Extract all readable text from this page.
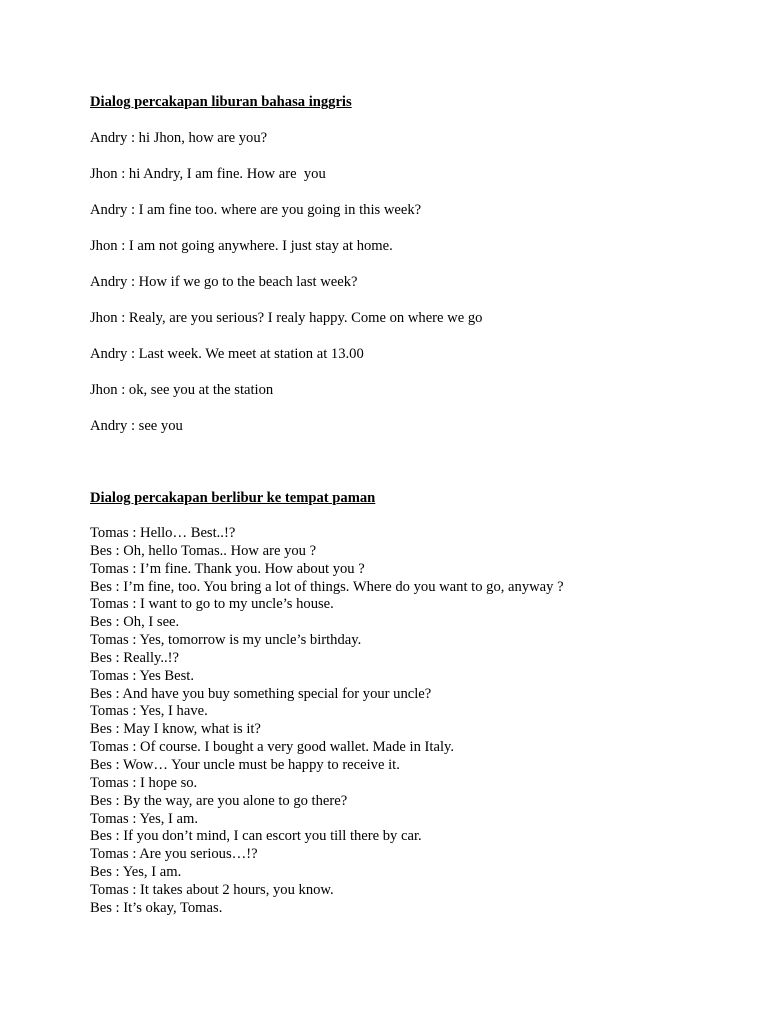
Dialog percakapan liburan bahasa inggris
Andry : hi Jhon, how are you?
Jhon : hi Andry, I am fine. How are  you
Andry : I am fine too. where are you going in this week?
Jhon : I am not going anywhere. I just stay at home.
Andry : How if we go to the beach last week?
Jhon : Realy, are you serious? I realy happy. Come on where we go
Andry : Last week. We meet at station at 13.00
Jhon : ok, see you at the station
Andry : see you
Dialog percakapan berlibur ke tempat paman
Tomas : Hello… Best..!?
Bes : Oh, hello Tomas.. How are you ?
Tomas : I’m fine. Thank you. How about you ?
Bes : I’m fine, too. You bring a lot of things. Where do you want to go, anyway ?
Tomas : I want to go to my uncle’s house.
Bes : Oh, I see.
Tomas : Yes, tomorrow is my uncle’s birthday.
Bes : Really..!?
Tomas : Yes Best.
Bes : And have you buy something special for your uncle?
Tomas : Yes, I have.
Bes : May I know, what is it?
Tomas : Of course. I bought a very good wallet. Made in Italy.
Bes : Wow… Your uncle must be happy to receive it.
Tomas : I hope so.
Bes : By the way, are you alone to go there?
Tomas : Yes, I am.
Bes : If you don’t mind, I can escort you till there by car.
Tomas : Are you serious…!?
Bes : Yes, I am.
Tomas : It takes about 2 hours, you know.
Bes : It’s okay, Tomas.
